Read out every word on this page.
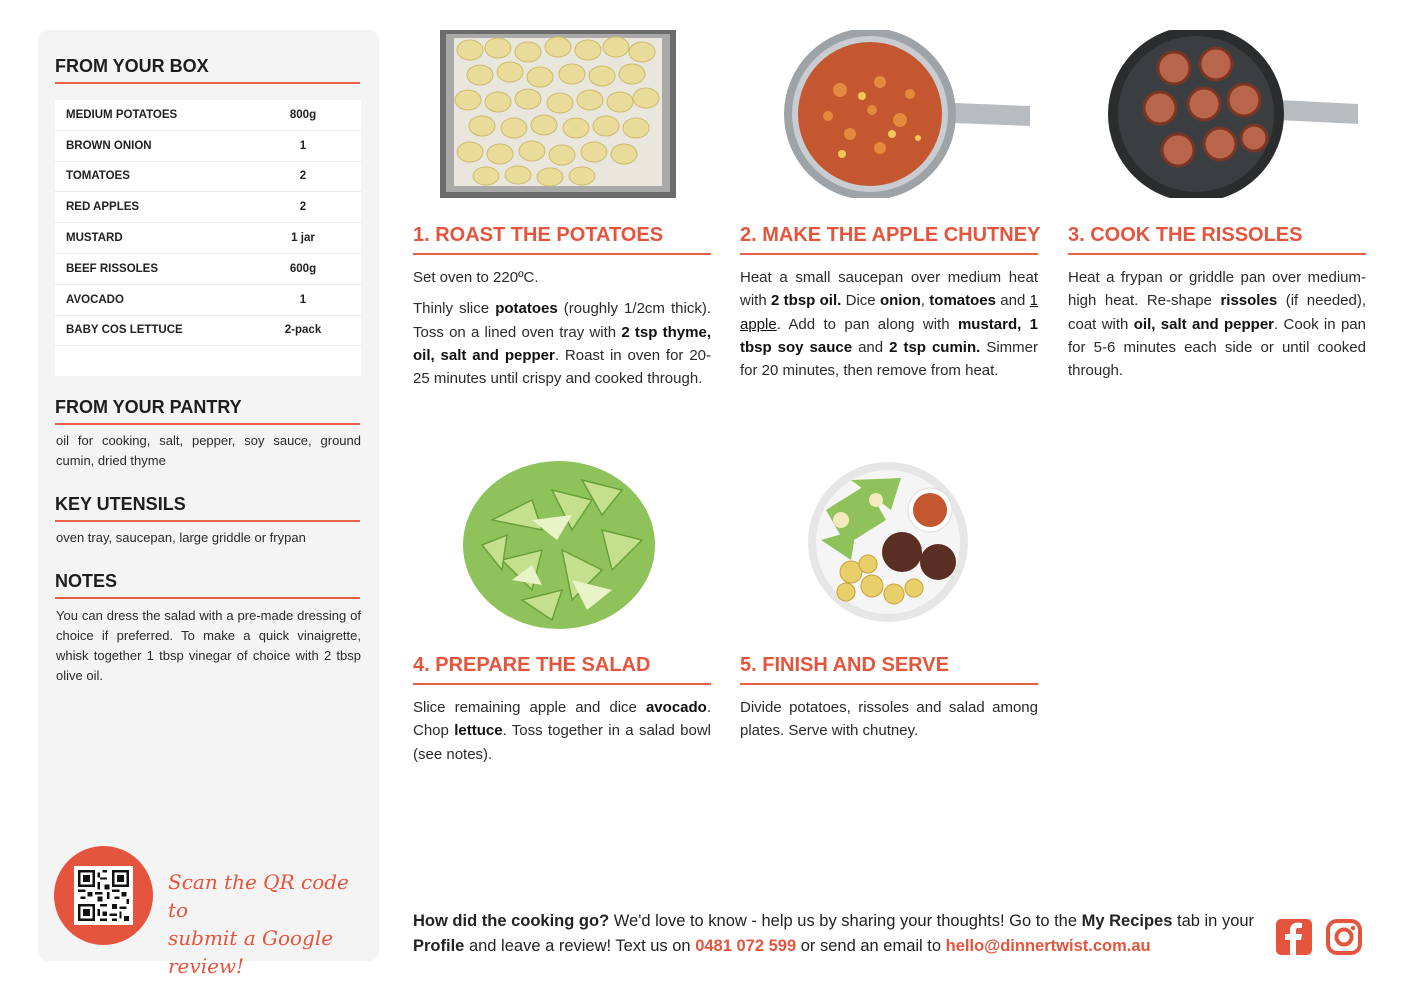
FROM YOUR BOX
MEDIUM POTATOES	800g
BROWN ONION	1
TOMATOES	2
RED APPLES	2
MUSTARD	1 jar
BEEF RISSOLES	600g
AVOCADO	1
BABY COS LETTUCE	2-pack
FROM YOUR PANTRY
oil for cooking, salt, pepper, soy sauce, ground cumin, dried thyme
KEY UTENSILS
oven tray, saucepan, large griddle or frypan
NOTES
You can dress the salad with a pre-made dressing of choice if preferred. To make a quick vinaigrette, whisk together 1 tbsp vinegar of choice with 2 tbsp olive oil.
Scan the QR code to
submit a Google review!
1. ROAST THE POTATOES

Set oven to 220ºC.

Thinly slice potatoes (roughly 1/2cm thick). Toss on a lined oven tray with 2 tsp thyme, oil, salt and pepper. Roast in oven for 20-25 minutes until crispy and cooked through.

2. MAKE THE APPLE CHUTNEY

Heat a small saucepan over medium heat with 2 tbsp oil. Dice onion, tomatoes and 1 apple. Add to pan along with mustard, 1 tbsp soy sauce and 2 tsp cumin. Simmer for 20 minutes, then remove from heat.

3. COOK THE RISSOLES

Heat a frypan or griddle pan over medium-high heat. Re-shape rissoles (if needed), coat with oil, salt and pepper. Cook in pan for 5-6 minutes each side or until cooked through.

4. PREPARE THE SALAD

Slice remaining apple and dice avocado. Chop lettuce. Toss together in a salad bowl (see notes).

5. FINISH AND SERVE

Divide potatoes, rissoles and salad among plates. Serve with chutney.

How did the cooking go? We'd love to know - help us by sharing your thoughts! Go to the My Recipes tab in your Profile and leave a review! Text us on 0481 072 599 or send an email to hello@dinnertwist.com.au
